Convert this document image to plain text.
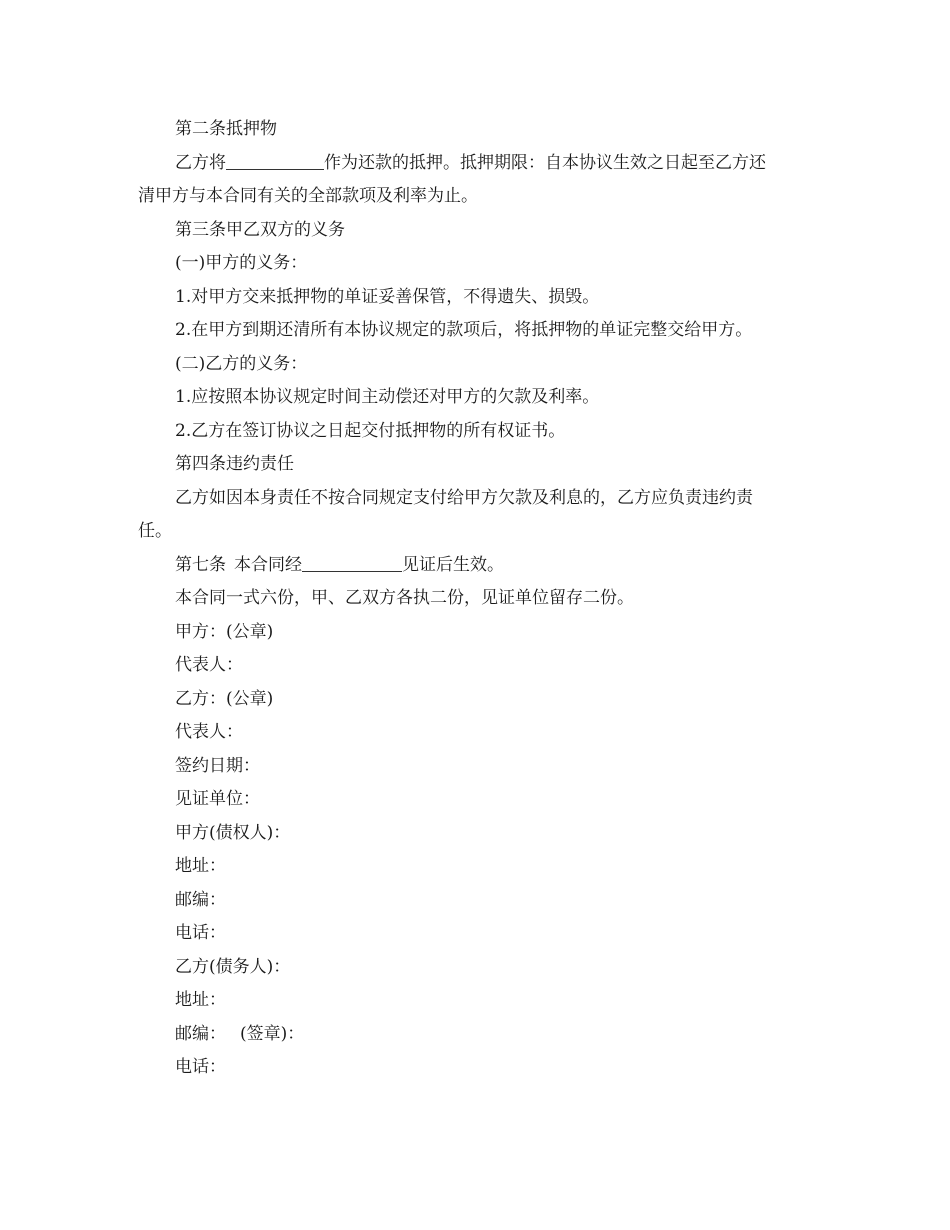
第二条抵押物
乙方将	作为还款的抵押。抵押期限：自本协议生效之日起至乙方还
清甲方与本合同有关的全部款项及利率为止。
第三条甲乙双方的义务
(一)甲方的义务：
1.对甲方交来抵押物的单证妥善保管，不得遗失、损毁。
2.在甲方到期还清所有本协议规定的款项后，将抵押物的单证完整交给甲方。
(二)乙方的义务：
1.应按照本协议规定时间主动偿还对甲方的欠款及利率。
2.乙方在签订协议之日起交付抵押物的所有权证书。
第四条违约责任
乙方如因本身责任不按合同规定支付给甲方欠款及利息的，乙方应负责违约责
任。
第七条 本合同经	见证后生效。
本合同一式六份，甲、乙双方各执二份，见证单位留存二份。
甲方：(公章)
代表人：
乙方：(公章)
代表人：
签约日期：
见证单位：
甲方(债权人)：
地址：
邮编：
电话：
乙方(债务人)：
地址：
邮编： (签章)：
电话：
